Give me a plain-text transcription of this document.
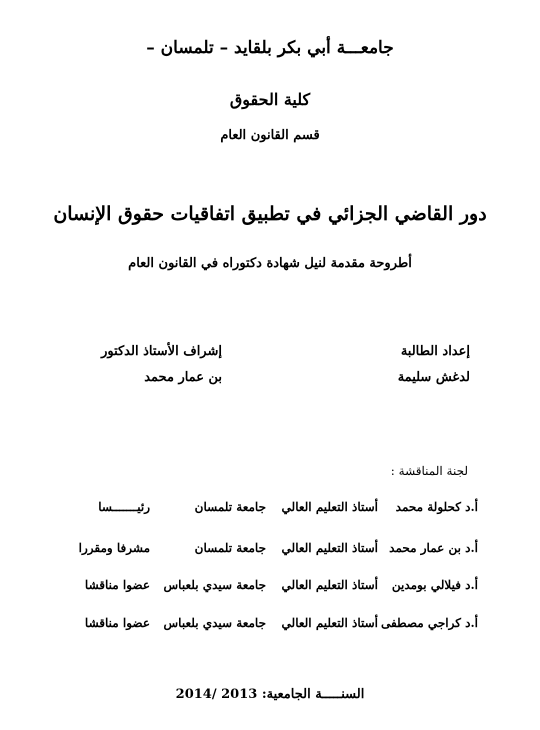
جامعـــة أبي بكر بلقايد – تلمسان –
كلية الحقوق
قسم القانون العام
دور القاضي الجزائي في تطبيق اتفاقيات حقوق الإنسان
أطروحة مقدمة لنيل شهادة دكتوراه في القانون العام
إعداد الطالبة
إشراف الأستاذ الدكتور
لدغش سليمة
بن عمار محمد
لجنة المناقشة :
أ.د كحلولة محمد
أستاذ التعليم العالي
جامعة تلمسان
رئيـــــــسا
أ.د بن عمار محمد
أستاذ التعليم العالي
جامعة تلمسان
مشرفا ومقررا
أ.د فيلالي بومدين
أستاذ التعليم العالي
جامعة سيدي بلعباس
عضوا مناقشا
أ.د كراجي مصطفى
أستاذ التعليم العالي
جامعة سيدي بلعباس
عضوا مناقشا
السنـــــة الجامعية: 2013 /2014
